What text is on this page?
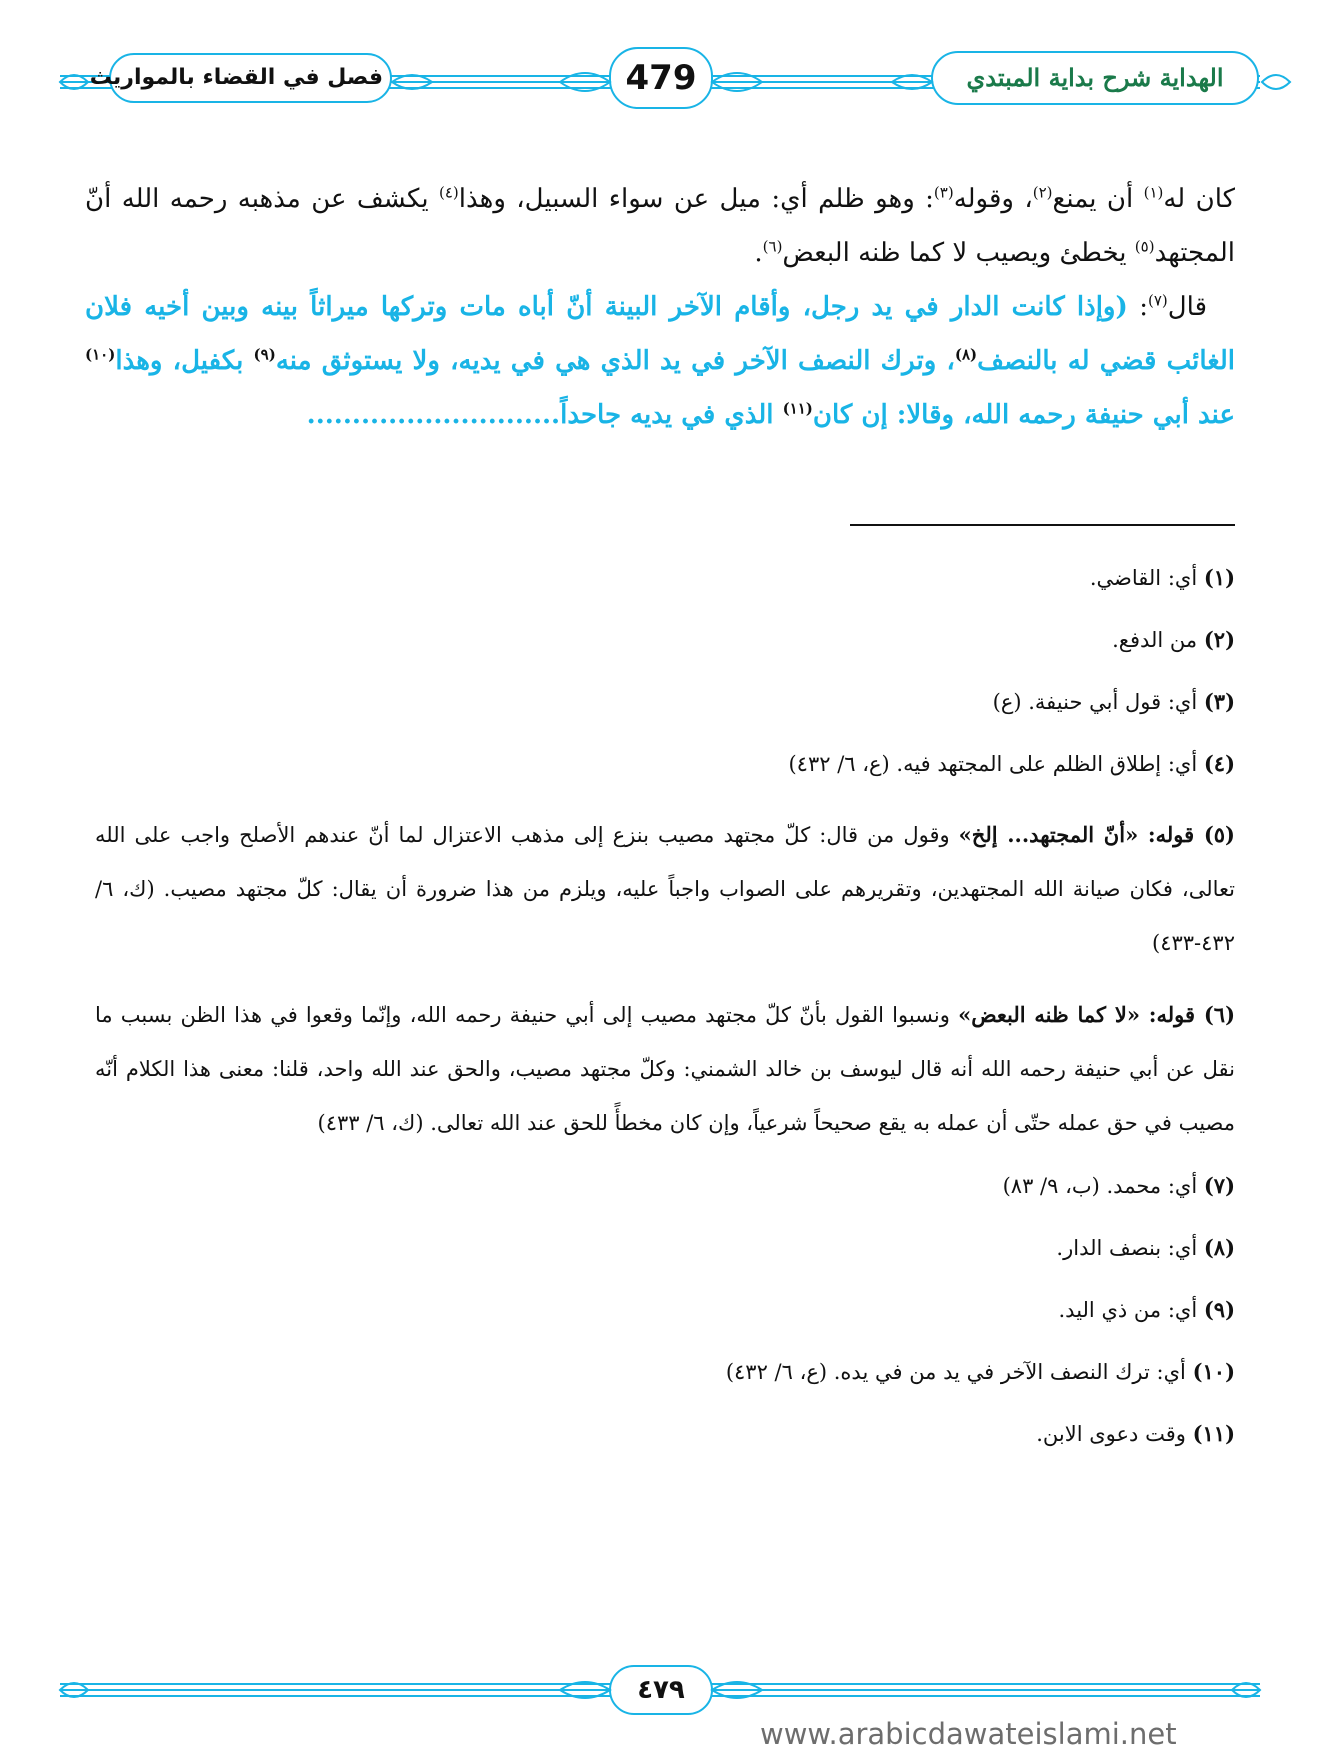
فصل في القضاء بالمواريث	479	الهداية شرح بداية المبتدي

كان له$^{(١)}$ أن يمنع$^{(٢)}$، وقوله$^{(٣)}$: وهو ظلم أي: ميل عن سواء السبيل، وهذا$^{(٤)}$ يكشف عن مذهبه رحمه الله أنّ المجتهد$^{(٥)}$ يخطئ ويصيب لا كما ظنه البعض$^{(٦)}$.

قال$^{(٧)}$: (وإذا كانت الدار في يد رجل، وأقام الآخر البينة أنّ أباه مات وتركها ميراثاً بينه وبين أخيه فلان الغائب قضي له بالنصف$^{(٨)}$، وترك النصف الآخر في يد الذي هي في يديه، ولا يستوثق منه$^{(٩)}$ بكفيل، وهذا$^{(١٠)}$ عند أبي حنيفة رحمه الله، وقالا: إن كان$^{(١١)}$ الذي في يديه جاحداً............................

(١) أي: القاضي.

(٢) من الدفع.

(٣) أي: قول أبي حنيفة. (ع)

(٤) أي: إطلاق الظلم على المجتهد فيه. (ع، ٦/ ٤٣٢)

(٥) قوله: «أنّ المجتهد... إلخ» وقول من قال: كلّ مجتهد مصيب بنزع إلى مذهب الاعتزال لما أنّ عندهم الأصلح واجب على الله تعالى، فكان صيانة الله المجتهدين، وتقريرهم على الصواب واجباً عليه، ويلزم من هذا ضرورة أن يقال: كلّ مجتهد مصيب. (ك، ٦/ ٤٣٢-٤٣٣)

(٦) قوله: «لا كما ظنه البعض» ونسبوا القول بأنّ كلّ مجتهد مصيب إلى أبي حنيفة رحمه الله، وإنّما وقعوا في هذا الظن بسبب ما نقل عن أبي حنيفة رحمه الله أنه قال ليوسف بن خالد الشمني: وكلّ مجتهد مصيب، والحق عند الله واحد، قلنا: معنى هذا الكلام أنّه مصيب في حق عمله حتّى أن عمله به يقع صحيحاً شرعياً، وإن كان مخطأً للحق عند الله تعالى. (ك، ٦/ ٤٣٣)

(٧) أي: محمد. (ب، ٩/ ٨٣)

(٨) أي: بنصف الدار.

(٩) أي: من ذي اليد.

(١٠) أي: ترك النصف الآخر في يد من في يده. (ع، ٦/ ٤٣٢)

(١١) وقت دعوى الابن.

٤٧٩
www.arabicdawateislami.net
